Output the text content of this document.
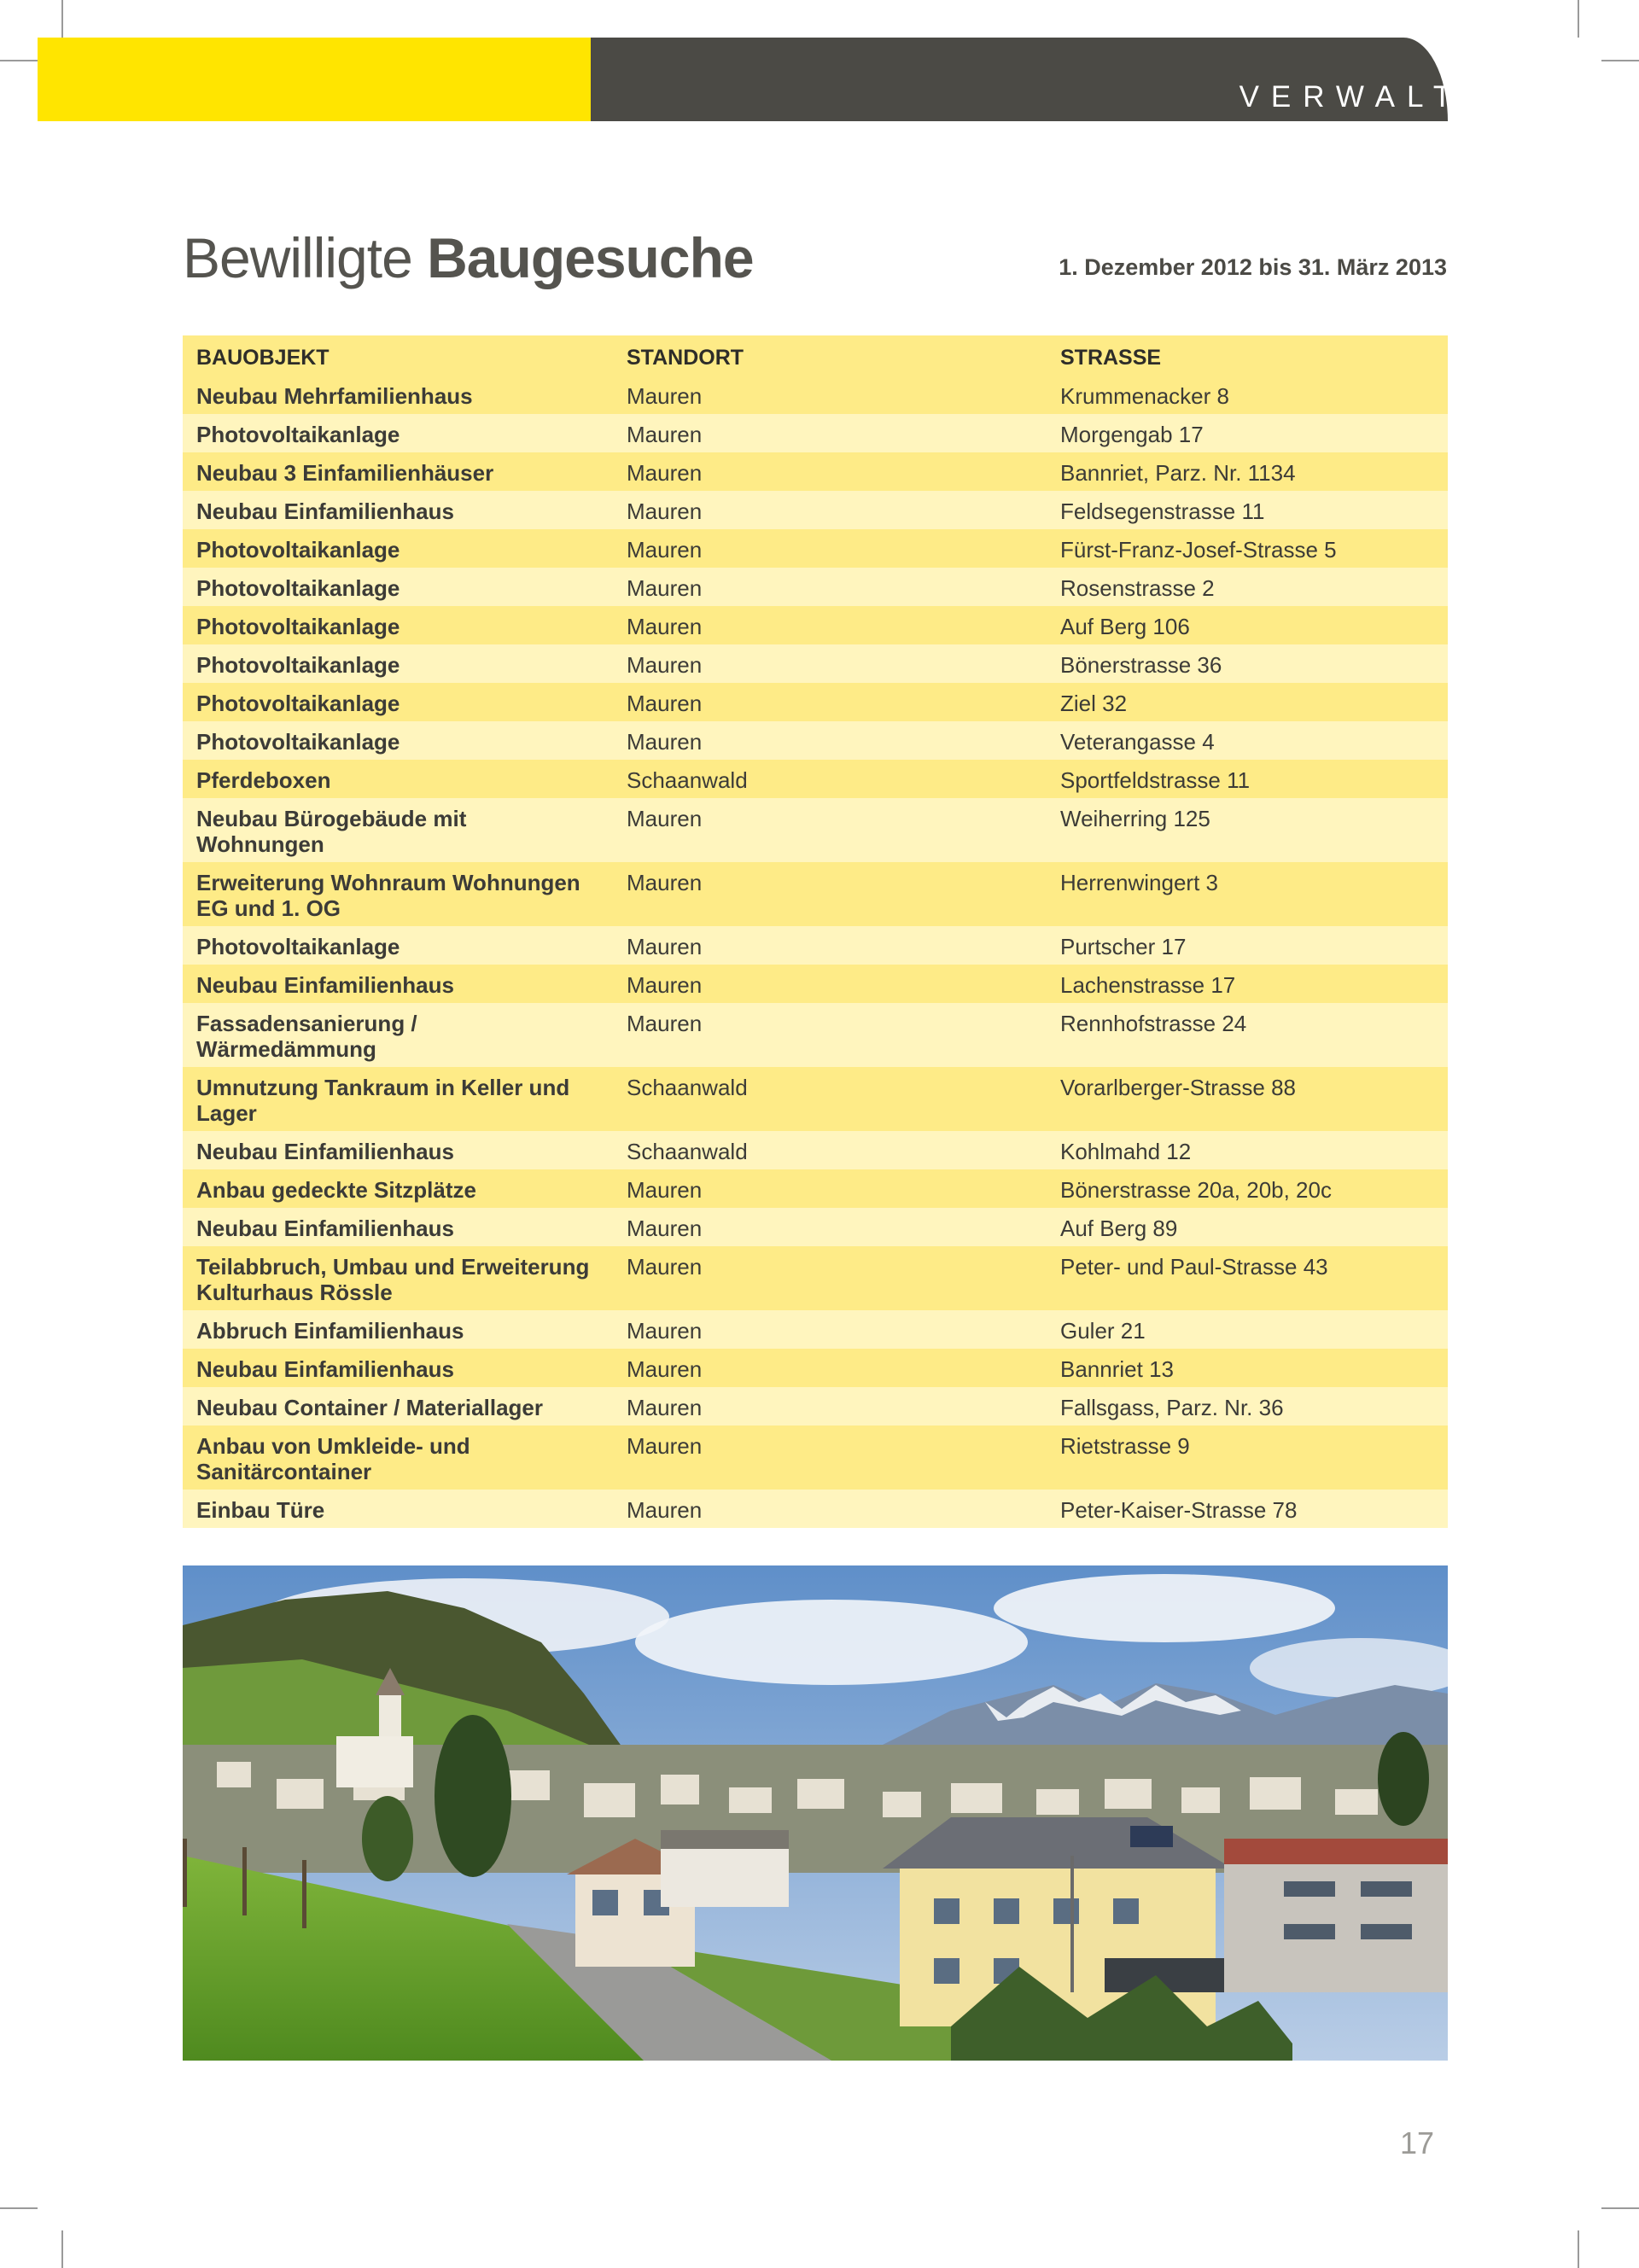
VERWALTUNG
Bewilligte Baugesuche	1. Dezember 2012 bis 31. März 2013
BAUOBJEKT	STANDORT	STRASSE
Neubau Mehrfamilienhaus	Mauren	Krummenacker 8
Photovoltaikanlage	Mauren	Morgengab 17
Neubau 3 Einfamilienhäuser	Mauren	Bannriet, Parz. Nr. 1134
Neubau Einfamilienhaus	Mauren	Feldsegenstrasse 11
Photovoltaikanlage	Mauren	Fürst-Franz-Josef-Strasse 5
Photovoltaikanlage	Mauren	Rosenstrasse 2
Photovoltaikanlage	Mauren	Auf Berg 106
Photovoltaikanlage	Mauren	Bönerstrasse 36
Photovoltaikanlage	Mauren	Ziel 32
Photovoltaikanlage	Mauren	Veterangasse 4
Pferdeboxen	Schaanwald	Sportfeldstrasse 11
Neubau Bürogebäude mit Wohnungen	Mauren	Weiherring 125
Erweiterung Wohnraum Wohnungen EG und 1. OG	Mauren	Herrenwingert 3
Photovoltaikanlage	Mauren	Purtscher 17
Neubau Einfamilienhaus	Mauren	Lachenstrasse 17
Fassadensanierung / Wärmedämmung	Mauren	Rennhofstrasse 24
Umnutzung Tankraum in Keller und Lager	Schaanwald	Vorarlberger-Strasse 88
Neubau Einfamilienhaus	Schaanwald	Kohlmahd 12
Anbau gedeckte Sitzplätze	Mauren	Bönerstrasse 20a, 20b, 20c
Neubau Einfamilienhaus	Mauren	Auf Berg 89
Teilabbruch, Umbau und Erweiterung Kulturhaus Rössle	Mauren	Peter- und Paul-Strasse 43
Abbruch Einfamilienhaus	Mauren	Guler 21
Neubau Einfamilienhaus	Mauren	Bannriet 13
Neubau Container / Materiallager	Mauren	Fallsgass, Parz. Nr. 36
Anbau von Umkleide- und Sanitärcontainer	Mauren	Rietstrasse 9
Einbau Türe	Mauren	Peter-Kaiser-Strasse 78
17
